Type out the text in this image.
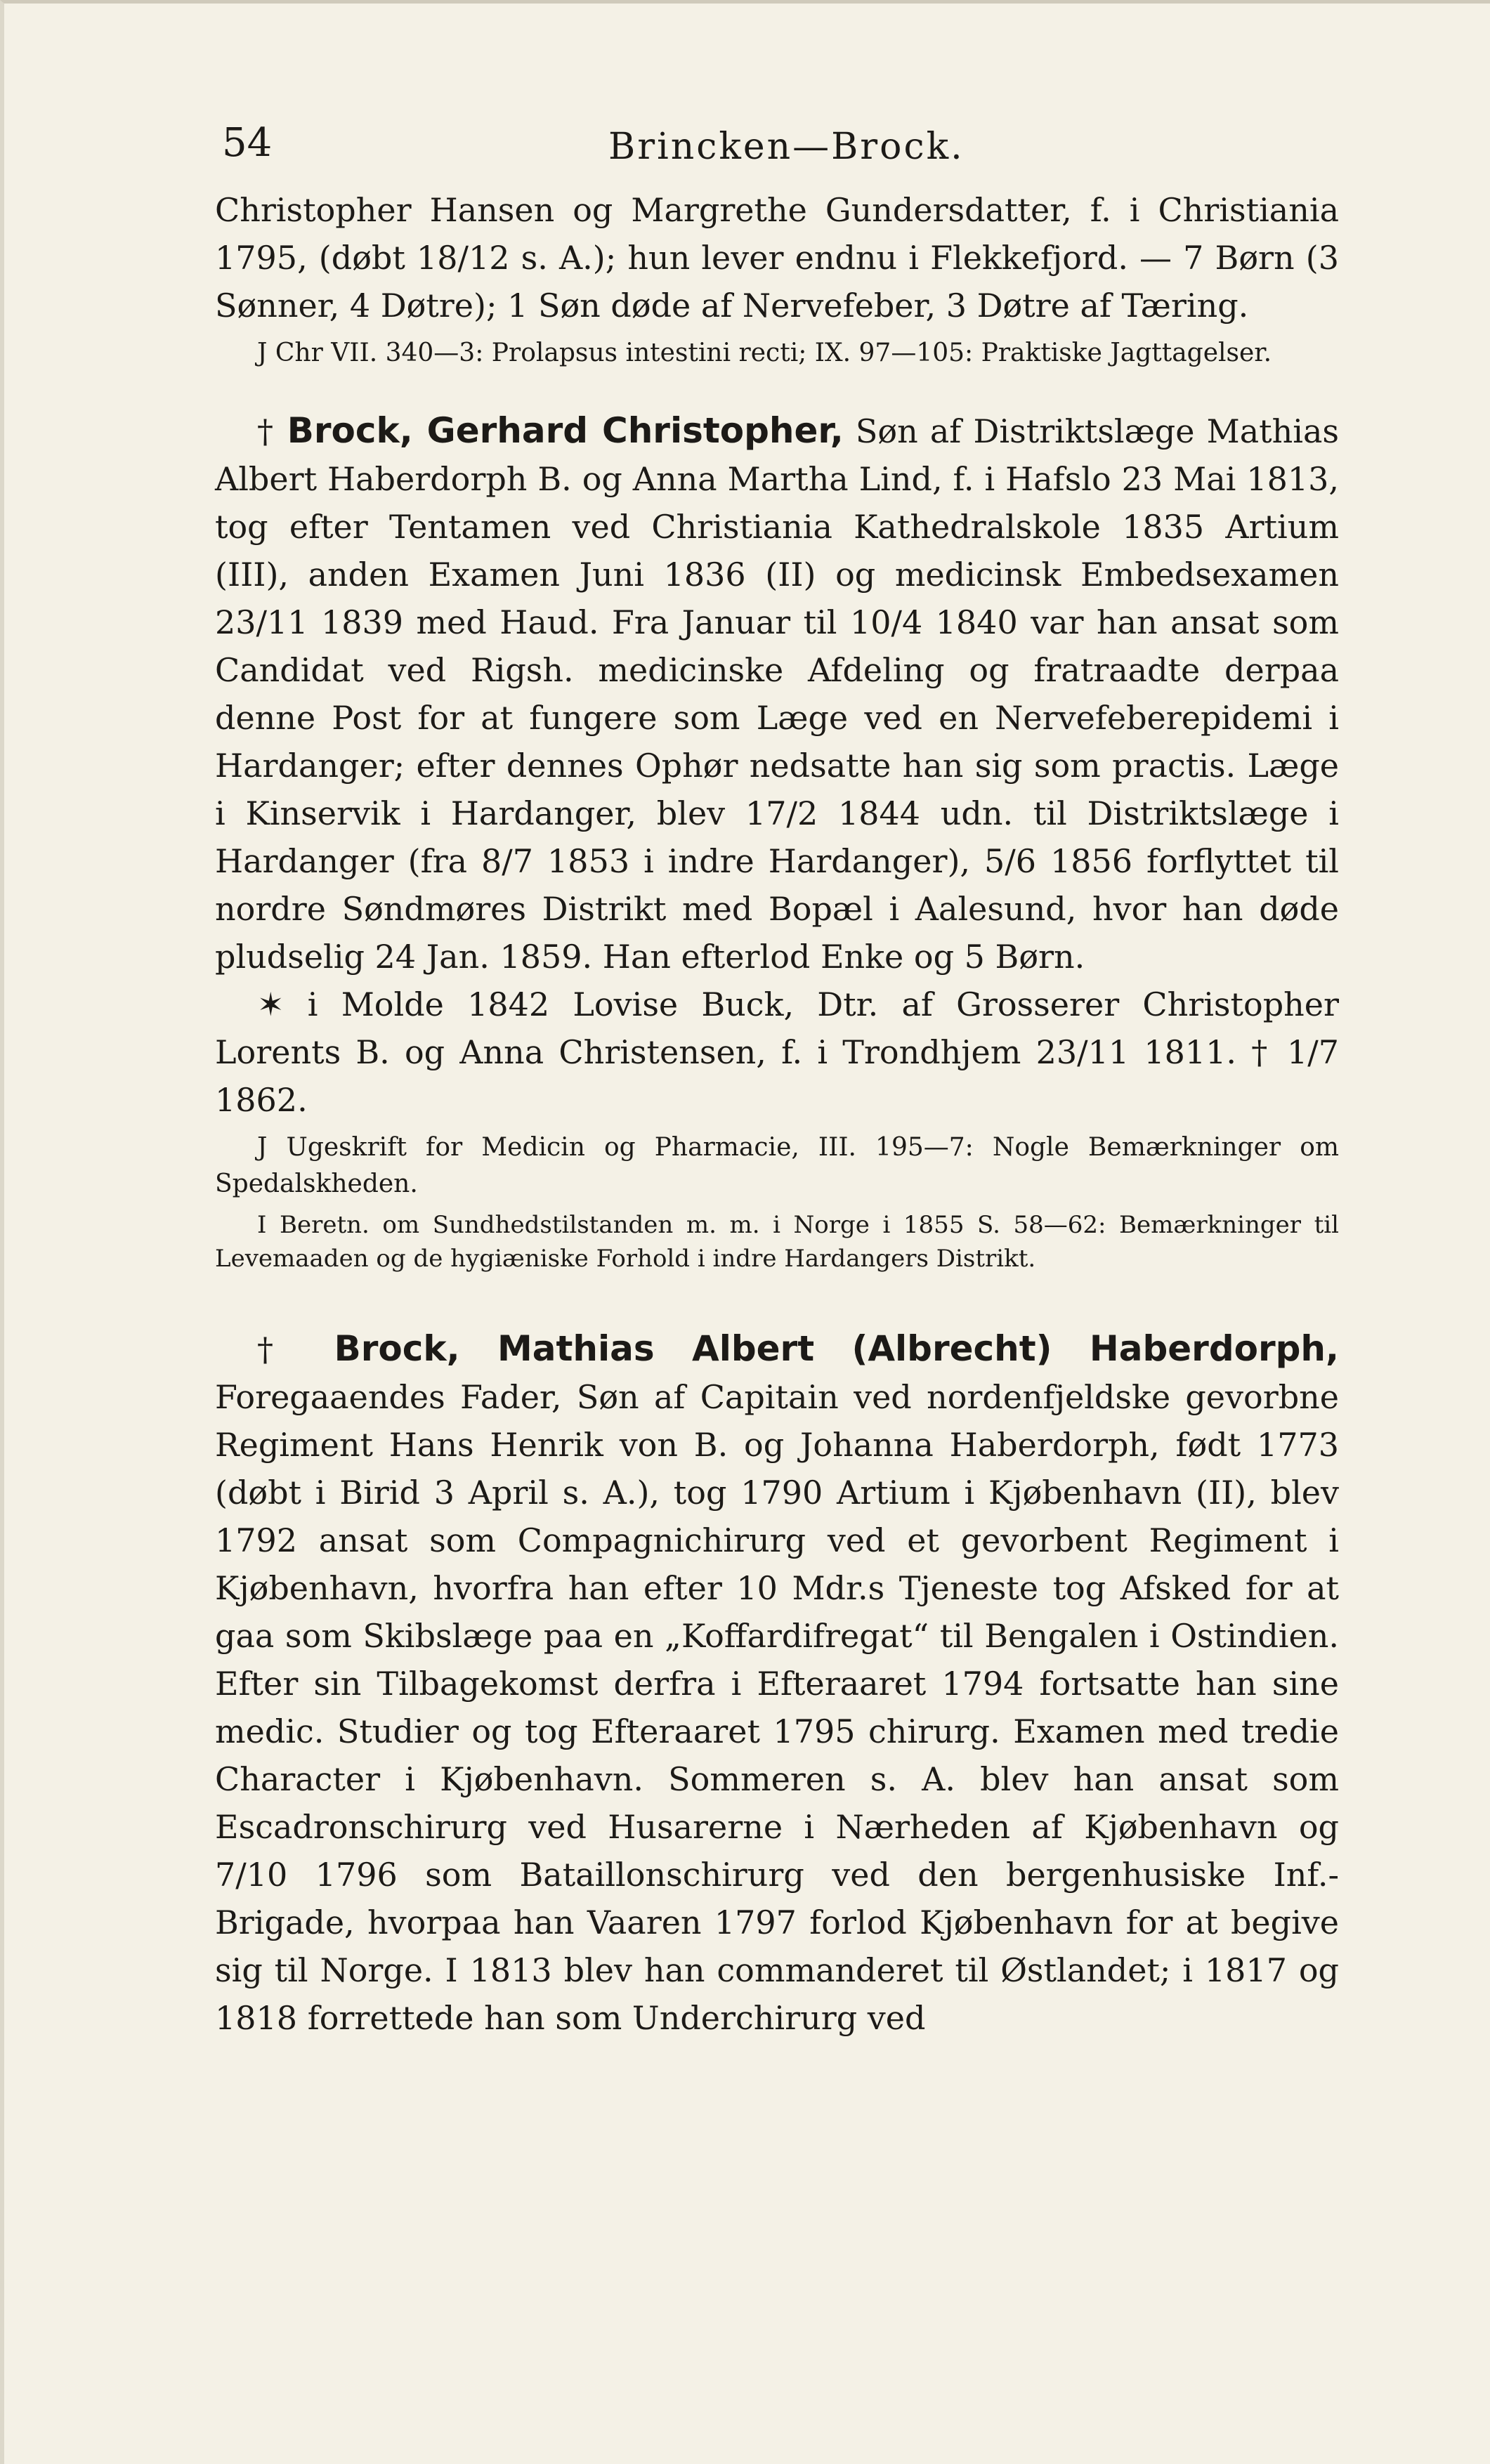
54	Brincken—Brock.

Christopher Hansen og Margrethe Gundersdatter, f. i Christiania 1795, (døbt 18/12 s. A.); hun lever endnu i Flekkefjord. — 7 Børn (3 Sønner, 4 Døtre); 1 Søn døde af Nervefeber, 3 Døtre af Tæring.

J Chr VII. 340—3: Prolapsus intestini recti; IX. 97—105: Praktiske Jagttagelser.

† Brock, Gerhard Christopher, Søn af Distriktslæge Mathias Albert Haberdorph B. og Anna Martha Lind, f. i Hafslo 23 Mai 1813, tog efter Tentamen ved Christiania Kathedralskole 1835 Artium (III), anden Examen Juni 1836 (II) og medicinsk Embedsexamen 23/11 1839 med Haud. Fra Januar til 10/4 1840 var han ansat som Candidat ved Rigsh. medicinske Afdeling og fratraadte derpaa denne Post for at fungere som Læge ved en Nervefeberepidemi i Hardanger; efter dennes Ophør nedsatte han sig som practis. Læge i Kinservik i Hardanger, blev 17/2 1844 udn. til Distriktslæge i Hardanger (fra 8/7 1853 i indre Hardanger), 5/6 1856 forflyttet til nordre Søndmøres Distrikt med Bopæl i Aalesund, hvor han døde pludselig 24 Jan. 1859. Han efterlod Enke og 5 Børn.

✶ i Molde 1842 Lovise Buck, Dtr. af Grosserer Christopher Lorents B. og Anna Christensen, f. i Trondhjem 23/11 1811. † 1/7 1862.

J Ugeskrift for Medicin og Pharmacie, III. 195—7: Nogle Bemærkninger om Spedalskheden.

I Beretn. om Sundhedstilstanden m. m. i Norge i 1855 S. 58—62: Bemærkninger til Levemaaden og de hygiæniske Forhold i indre Hardangers Distrikt.

† Brock, Mathias Albert (Albrecht) Haberdorph, Foregaaendes Fader, Søn af Capitain ved nordenfjeldske gevorbne Regiment Hans Henrik von B. og Johanna Haberdorph, født 1773 (døbt i Birid 3 April s. A.), tog 1790 Artium i Kjøbenhavn (II), blev 1792 ansat som Compagnichirurg ved et gevorbent Regiment i Kjøbenhavn, hvorfra han efter 10 Mdr.s Tjeneste tog Afsked for at gaa som Skibslæge paa en „Koffardifregat“ til Bengalen i Ostindien. Efter sin Tilbagekomst derfra i Efteraaret 1794 fortsatte han sine medic. Studier og tog Efteraaret 1795 chirurg. Examen med tredie Character i Kjøbenhavn. Sommeren s. A. blev han ansat som Escadronschirurg ved Husarerne i Nærheden af Kjøbenhavn og 7/10 1796 som Bataillonschirurg ved den bergenhusiske Inf.-Brigade, hvorpaa han Vaaren 1797 forlod Kjøbenhavn for at begive sig til Norge. I 1813 blev han commanderet til Østlandet; i 1817 og 1818 forrettede han som Underchirurg ved
